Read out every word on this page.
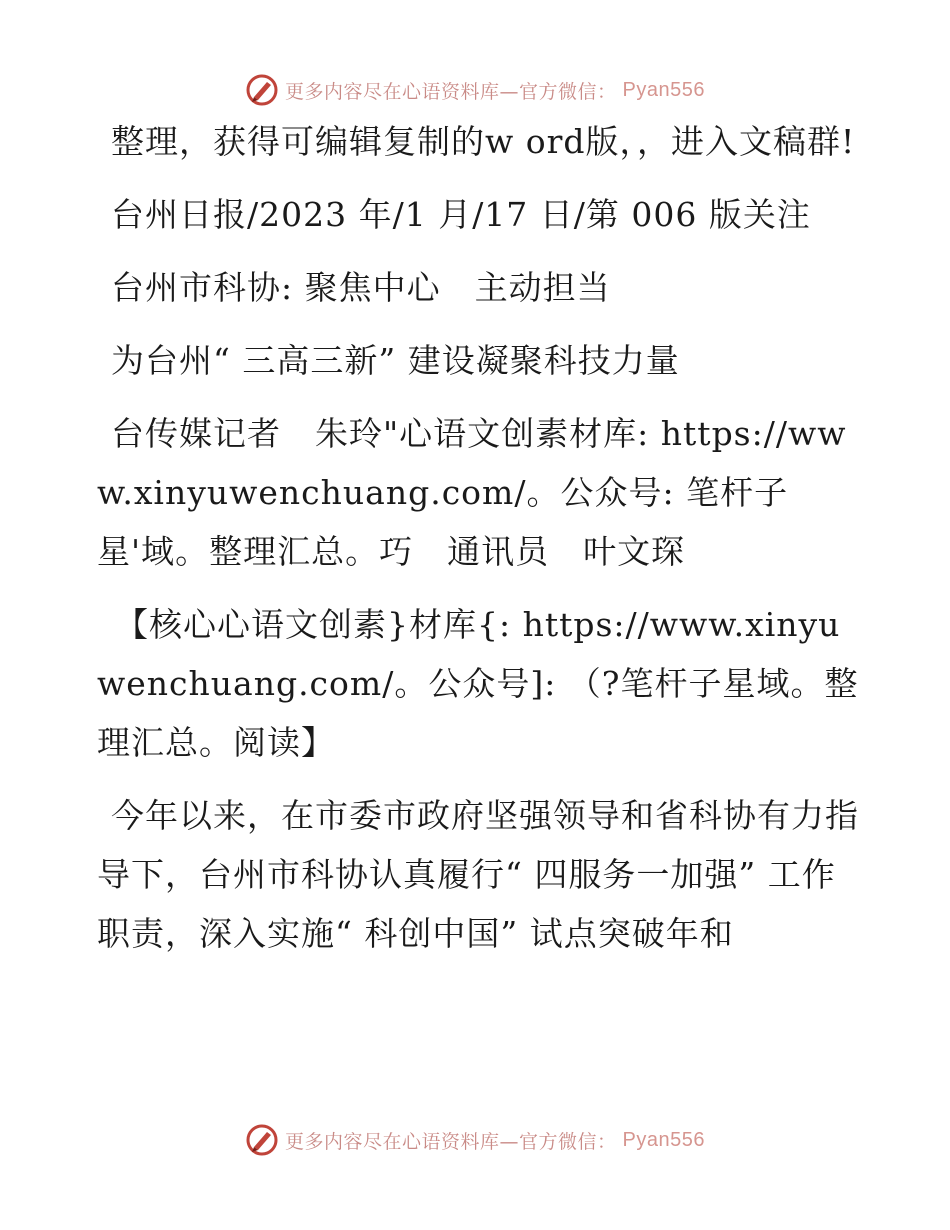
更多内容尽在心语资料库—官方微信： Pyan556

整理，获得可编辑复制的w ord版，，进入文稿群!

台州日报/2023 年/1 月/17 日/第 006 版关注

台州市科协: 聚焦中心　主动担当

为台州“ 三高三新” 建设凝聚科技力量

台传媒记者　朱玲"心语文创素材库: https://www.xinyuwenchuang.com/。公众号: 笔杆子星'域。整理汇总。巧　通讯员　叶文琛

【核心心语文创素}材库{: https://www.xinyuwenchuang.com/。公众号]: （?笔杆子星域。整理汇总。阅读】

今年以来，在市委市政府坚强领导和省科协有力指导下，台州市科协认真履行“ 四服务一加强” 工作职责，深入实施“ 科创中国” 试点突破年和

更多内容尽在心语资料库—官方微信： Pyan556
